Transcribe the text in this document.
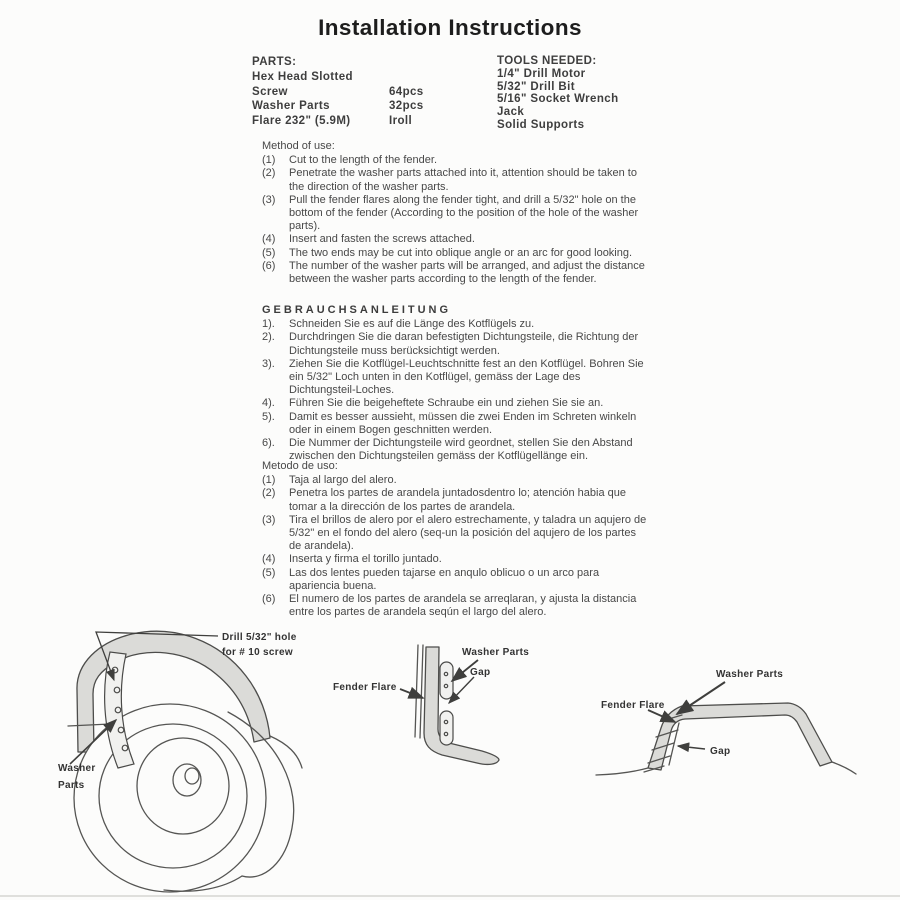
Installation Instructions
PARTS:
Hex Head Slotted
Screw	64pcs
Washer Parts	32pcs
Flare 232" (5.9M)	Iroll
TOOLS NEEDED:
1/4" Drill Motor
5/32" Drill Bit
5/16" Socket Wrench
Jack
Solid Supports
Method of use:
(1) Cut to the length of the fender.
(2) Penetrate the washer parts attached into it, attention should be taken to the direction of the washer parts.
(3) Pull the fender flares along the fender tight, and drill a 5/32" hole on the bottom of the fender (According to the position of the hole of the washer parts).
(4) Insert and fasten the screws attached.
(5) The two ends may be cut into oblique angle or an arc for good looking.
(6) The number of the washer parts will be arranged, and adjust the distance between the washer parts according to the length of the fender.
GEBRAUCHSANLEITUNG
1). Schneiden Sie es auf die Länge des Kotflügels zu.
2). Durchdringen Sie die daran befestigten Dichtungsteile, die Richtung der Dichtungsteile muss berücksichtigt werden.
3). Ziehen Sie die Kotflügel-Leuchtschnitte fest an den Kotflügel. Bohren Sie ein 5/32" Loch unten in den Kotflügel, gemäss der Lage des Dichtungsteil-Loches.
4). Führen Sie die beigeheftete Schraube ein und ziehen Sie sie an.
5). Damit es besser aussieht, müssen die zwei Enden im Schreten winkeln oder in einem Bogen geschnitten werden.
6). Die Nummer der Dichtungsteile wird geordnet, stellen Sie den Abstand zwischen den Dichtungsteilen gemäss der Kotflügellänge ein.
Metodo de uso:
(1) Taja al largo del alero.
(2) Penetra los partes de arandela juntadosdentro lo; atención habia que tomar a la dirección de los partes de arandela.
(3) Tira el brillos de alero por el alero estrechamente, y taladra un aqujero de 5/32" en el fondo del alero (seq-un la posición del aqujero de los partes de arandela).
(4) Inserta y firma el torillo juntado.
(5) Las dos lentes pueden tajarse en anqulo oblicuo o un arco para apariencia buena.
(6) El numero de los partes de arandela se arreqlaran, y ajusta la distancia entre los partes de arandela seqún el largo del alero.
Drill 5/32" hole
for # 10 screw
Washer
Parts
Washer Parts
Gap
Fender Flare
Washer Parts
Fender Flare
Gap
